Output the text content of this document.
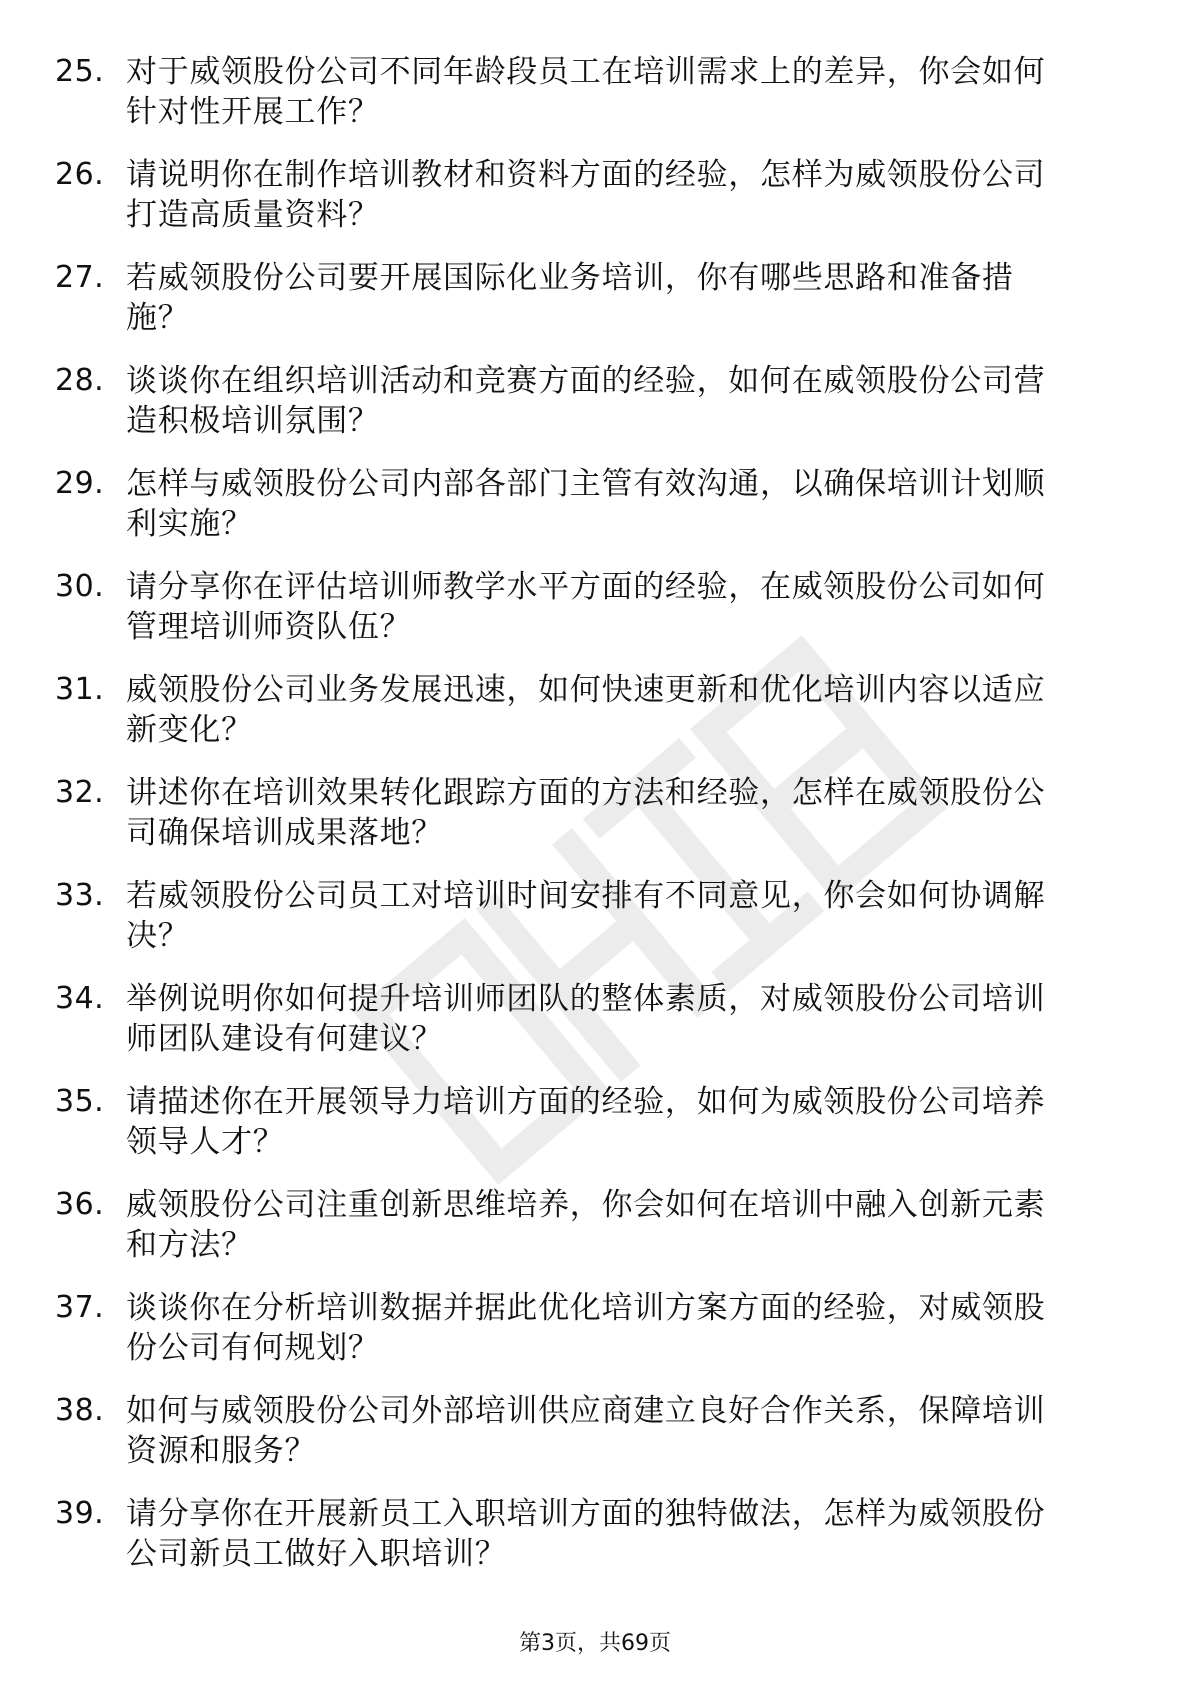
25. 对于威领股份公司不同年龄段员工在培训需求上的差异，你会如何针对性开展工作？
26. 请说明你在制作培训教材和资料方面的经验，怎样为威领股份公司打造高质量资料？
27. 若威领股份公司要开展国际化业务培训，你有哪些思路和准备措施？
28. 谈谈你在组织培训活动和竞赛方面的经验，如何在威领股份公司营造积极培训氛围？
29. 怎样与威领股份公司内部各部门主管有效沟通，以确保培训计划顺利实施？
30. 请分享你在评估培训师教学水平方面的经验，在威领股份公司如何管理培训师资队伍？
31. 威领股份公司业务发展迅速，如何快速更新和优化培训内容以适应新变化？
32. 讲述你在培训效果转化跟踪方面的方法和经验，怎样在威领股份公司确保培训成果落地？
33. 若威领股份公司员工对培训时间安排有不同意见，你会如何协调解决？
34. 举例说明你如何提升培训师团队的整体素质，对威领股份公司培训师团队建设有何建议？
35. 请描述你在开展领导力培训方面的经验，如何为威领股份公司培养领导人才？
36. 威领股份公司注重创新思维培养，你会如何在培训中融入创新元素和方法？
37. 谈谈你在分析培训数据并据此优化培训方案方面的经验，对威领股份公司有何规划？
38. 如何与威领股份公司外部培训供应商建立良好合作关系，保障培训资源和服务？
39. 请分享你在开展新员工入职培训方面的独特做法，怎样为威领股份公司新员工做好入职培训？
第3页，共69页
